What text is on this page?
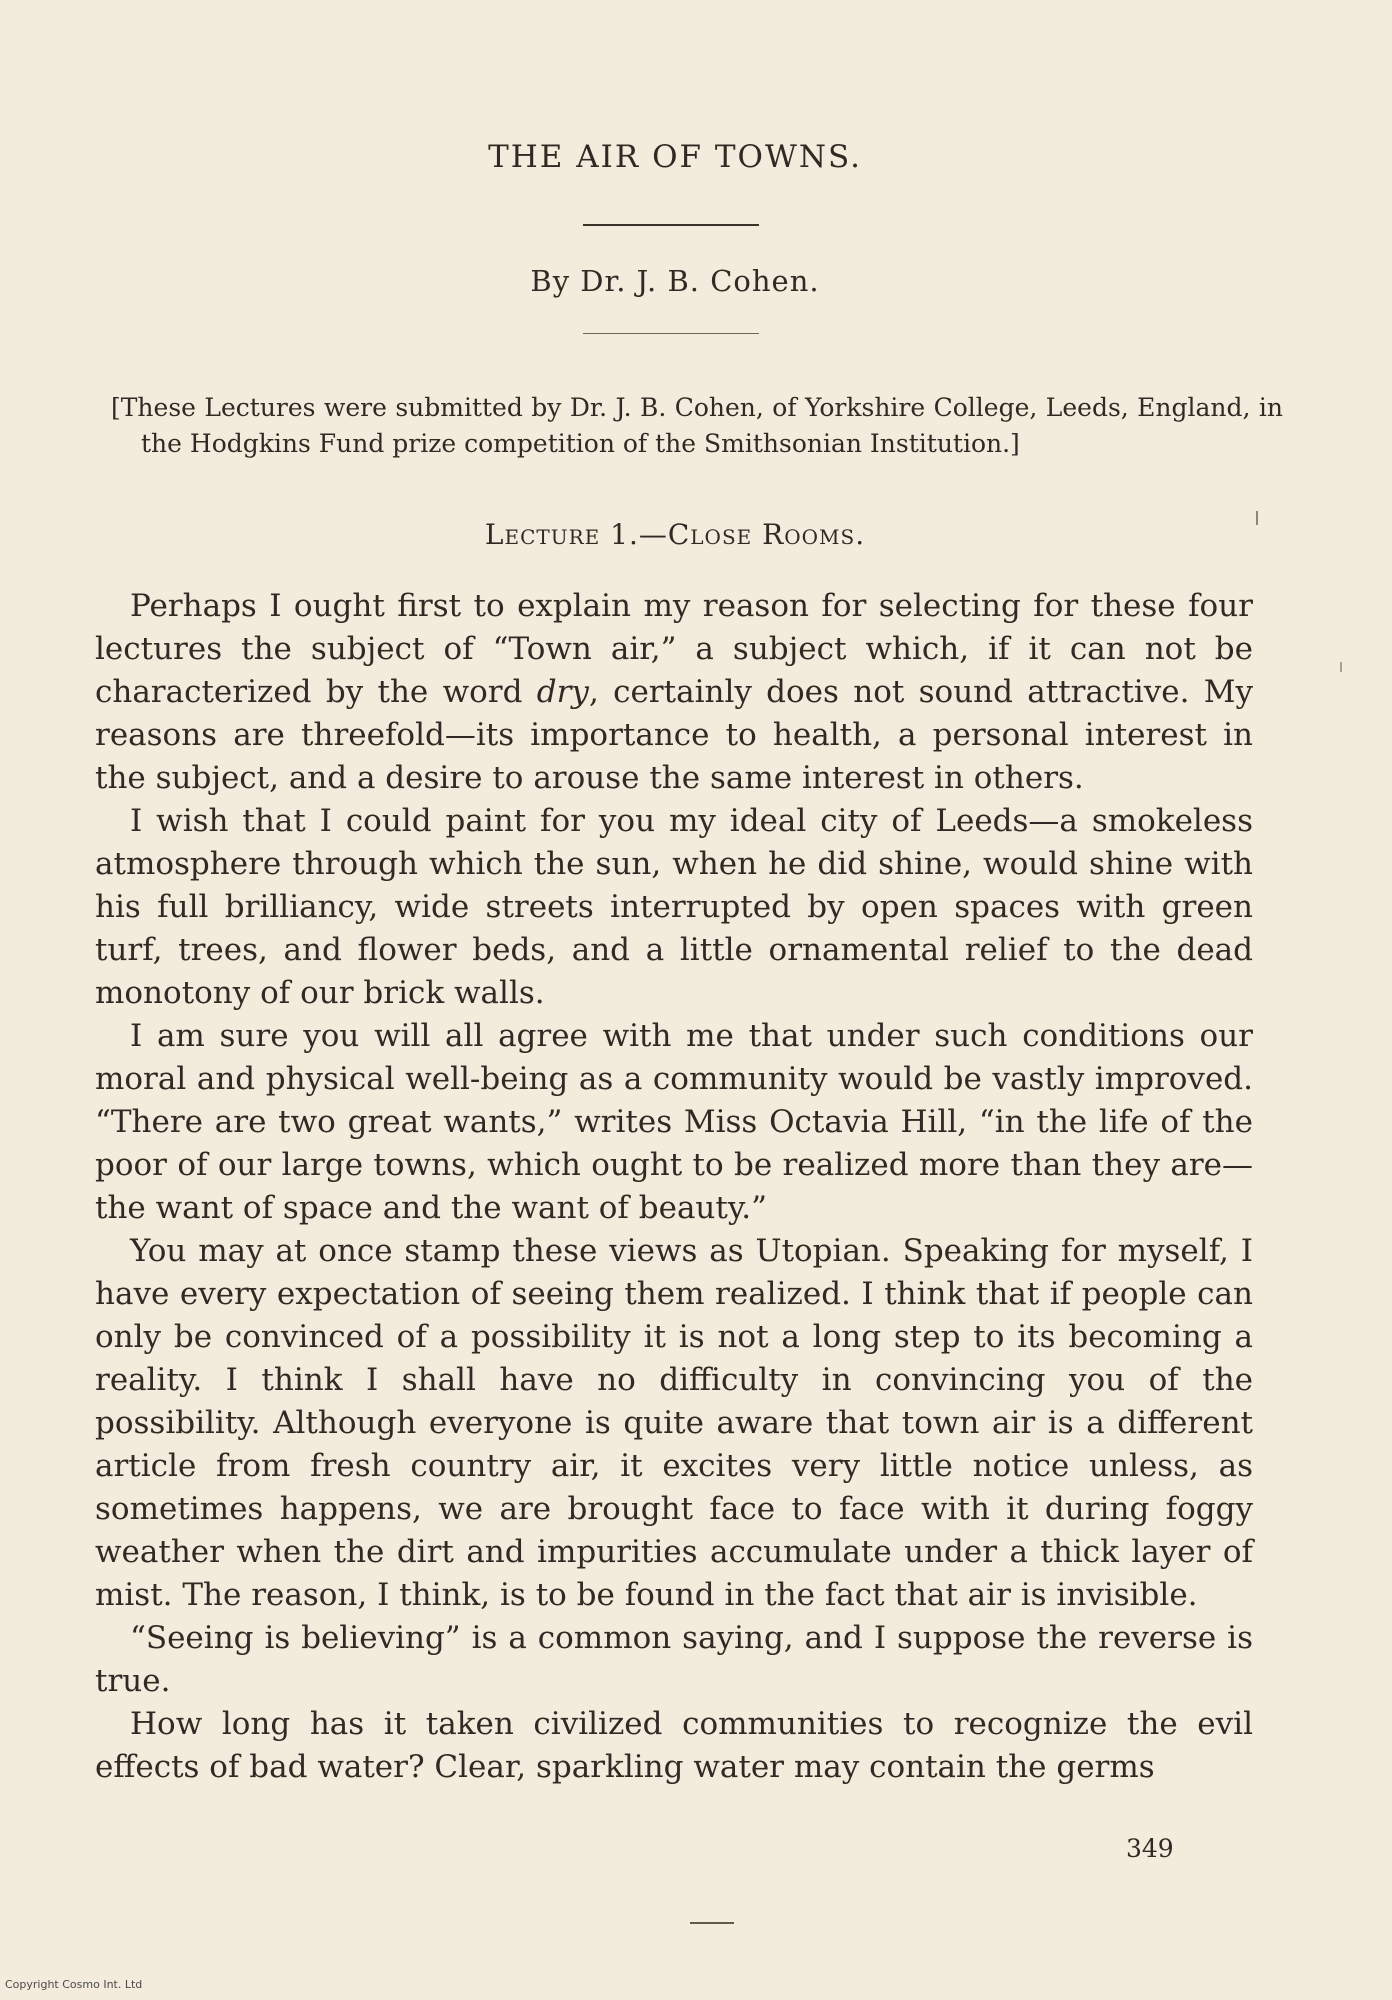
THE AIR OF TOWNS.
By Dr. J. B. Cohen.
[These Lectures were submitted by Dr. J. B. Cohen, of Yorkshire College, Leeds, England, in the Hodgkins Fund prize competition of the Smithsonian Institution.]
Lecture 1.—Close Rooms.

Perhaps I ought first to explain my reason for selecting for these four lectures the subject of “Town air,” a subject which, if it can not be characterized by the word dry, certainly does not sound attractive. My reasons are threefold—its importance to health, a personal interest in the subject, and a desire to arouse the same interest in others.

I wish that I could paint for you my ideal city of Leeds—a smokeless atmosphere through which the sun, when he did shine, would shine with his full brilliancy, wide streets interrupted by open spaces with green turf, trees, and flower beds, and a little ornamental relief to the dead monotony of our brick walls.

I am sure you will all agree with me that under such conditions our moral and physical well-being as a community would be vastly improved. “There are two great wants,” writes Miss Octavia Hill, “in the life of the poor of our large towns, which ought to be realized more than they are—the want of space and the want of beauty.”

You may at once stamp these views as Utopian. Speaking for myself, I have every expectation of seeing them realized. I think that if people can only be convinced of a possibility it is not a long step to its becoming a reality. I think I shall have no difficulty in convincing you of the possibility. Although everyone is quite aware that town air is a different article from fresh country air, it excites very little notice unless, as sometimes happens, we are brought face to face with it during foggy weather when the dirt and impurities accumulate under a thick layer of mist. The reason, I think, is to be found in the fact that air is invisible.

“Seeing is believing” is a common saying, and I suppose the reverse is true.

How long has it taken civilized communities to recognize the evil effects of bad water? Clear, sparkling water may contain the germs

349
Copyright Cosmo Int. Ltd
